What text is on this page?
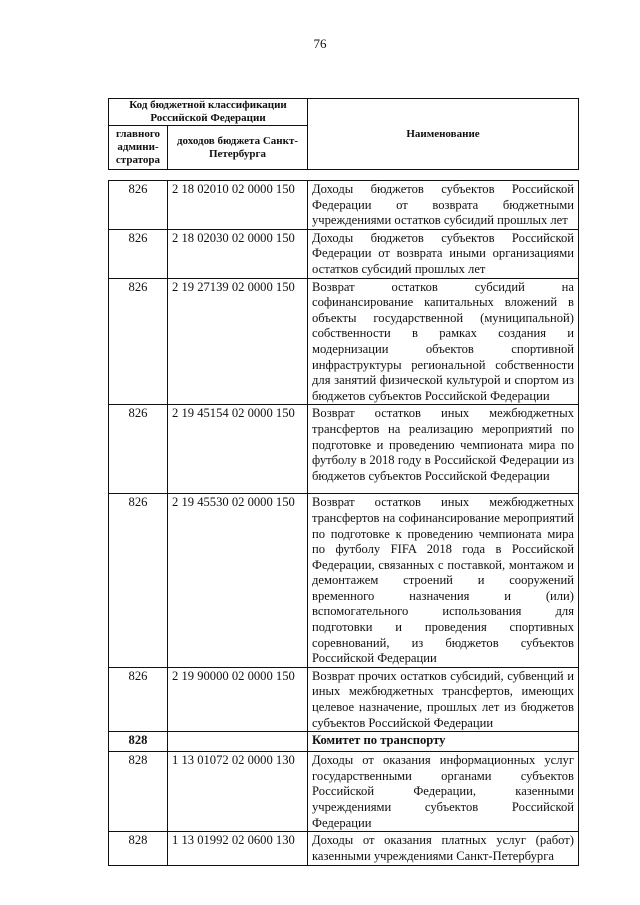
76
Код бюджетной классификации Российской Федерации		Наименование
главного админи-стратора	доходов бюджета Санкт-Петербурга	
826	2 18 02010 02 0000 150	Доходы бюджетов субъектов Российской Федерации от возврата бюджетными учреждениями остатков субсидий прошлых лет
826	2 18 02030 02 0000 150	Доходы бюджетов субъектов Российской Федерации от возврата иными организациями остатков субсидий прошлых лет
826	2 19 27139 02 0000 150	Возврат остатков субсидий на софинансирование капитальных вложений в объекты государственной (муниципальной) собственности в рамках создания и модернизации объектов спортивной инфраструктуры региональной собственности для занятий физической культурой и спортом из бюджетов субъектов Российской Федерации
826	2 19 45154 02 0000 150	Возврат остатков иных межбюджетных трансфертов на реализацию мероприятий по подготовке и проведению чемпионата мира по футболу в 2018 году в Российской Федерации из бюджетов субъектов Российской Федерации
826	2 19 45530 02 0000 150	Возврат остатков иных межбюджетных трансфертов на софинансирование мероприятий по подготовке к проведению чемпионата мира по футболу FIFA 2018 года в Российской Федерации, связанных с поставкой, монтажом и демонтажем строений и сооружений временного назначения и (или) вспомогательного использования для подготовки и проведения спортивных соревнований, из бюджетов субъектов Российской Федерации
826	2 19 90000 02 0000 150	Возврат прочих остатков субсидий, субвенций и иных межбюджетных трансфертов, имеющих целевое назначение, прошлых лет из бюджетов субъектов Российской Федерации
828		Комитет по транспорту
828	1 13 01072 02 0000 130	Доходы от оказания информационных услуг государственными органами субъектов Российской Федерации, казенными учреждениями субъектов Российской Федерации
828	1 13 01992 02 0600 130	Доходы от оказания платных услуг (работ) казенными учреждениями Санкт-Петербурга
